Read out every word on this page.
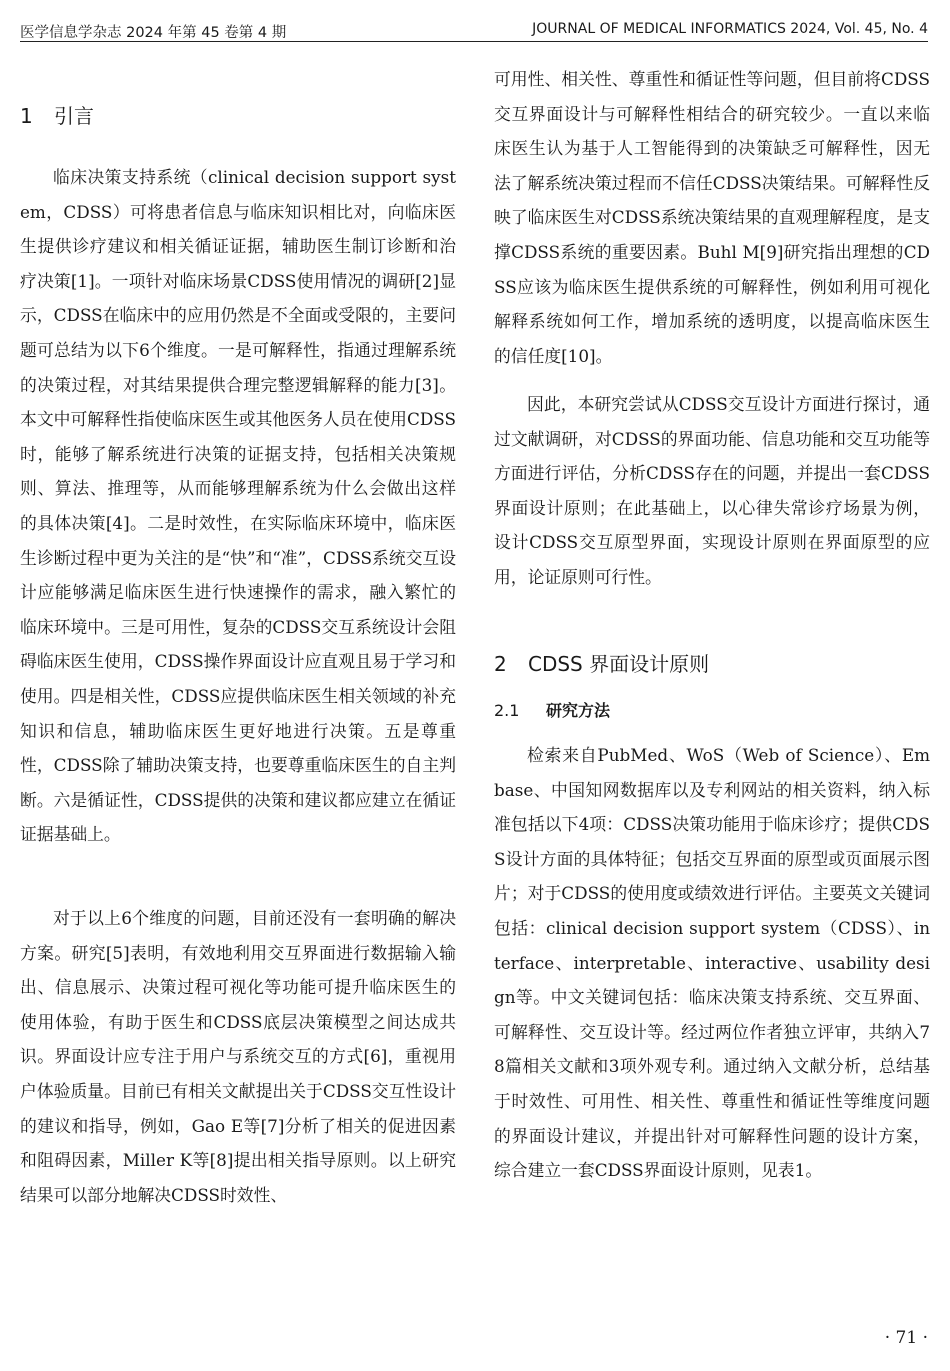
医学信息学杂志 2024 年第 45 卷第 4 期	JOURNAL OF MEDICAL INFORMATICS 2024, Vol. 45, No. 4
1 引言

临床决策支持系统（clinical decision support system，CDSS）可将患者信息与临床知识相比对，向临床医生提供诊疗建议和相关循证证据，辅助医生制订诊断和治疗决策[1]。一项针对临床场景CDSS使用情况的调研[2]显示，CDSS在临床中的应用仍然是不全面或受限的，主要问题可总结为以下6个维度。一是可解释性，指通过理解系统的决策过程，对其结果提供合理完整逻辑解释的能力[3]。本文中可解释性指使临床医生或其他医务人员在使用CDSS时，能够了解系统进行决策的证据支持，包括相关决策规则、算法、推理等，从而能够理解系统为什么会做出这样的具体决策[4]。二是时效性，在实际临床环境中，临床医生诊断过程中更为关注的是“快”和“准”，CDSS系统交互设计应能够满足临床医生进行快速操作的需求，融入繁忙的临床环境中。三是可用性，复杂的CDSS交互系统设计会阻碍临床医生使用，CDSS操作界面设计应直观且易于学习和使用。四是相关性，CDSS应提供临床医生相关领域的补充知识和信息，辅助临床医生更好地进行决策。五是尊重性，CDSS除了辅助决策支持，也要尊重临床医生的自主判断。六是循证性，CDSS提供的决策和建议都应建立在循证证据基础上。

对于以上6个维度的问题，目前还没有一套明确的解决方案。研究[5]表明，有效地利用交互界面进行数据输入输出、信息展示、决策过程可视化等功能可提升临床医生的使用体验，有助于医生和CDSS底层决策模型之间达成共识。界面设计应专注于用户与系统交互的方式[6]，重视用户体验质量。目前已有相关文献提出关于CDSS交互性设计的建议和指导，例如，Gao E等[7]分析了相关的促进因素和阻碍因素，Miller K等[8]提出相关指导原则。以上研究结果可以部分地解决CDSS时效性、

可用性、相关性、尊重性和循证性等问题，但目前将CDSS交互界面设计与可解释性相结合的研究较少。一直以来临床医生认为基于人工智能得到的决策缺乏可解释性，因无法了解系统决策过程而不信任CDSS决策结果。可解释性反映了临床医生对CDSS系统决策结果的直观理解程度，是支撑CDSS系统的重要因素。Buhl M[9]研究指出理想的CDSS应该为临床医生提供系统的可解释性，例如利用可视化解释系统如何工作，增加系统的透明度，以提高临床医生的信任度[10]。

因此，本研究尝试从CDSS交互设计方面进行探讨，通过文献调研，对CDSS的界面功能、信息功能和交互功能等方面进行评估，分析CDSS存在的问题，并提出一套CDSS界面设计原则；在此基础上，以心律失常诊疗场景为例，设计CDSS交互原型界面，实现设计原则在界面原型的应用，论证原则可行性。

2 CDSS 界面设计原则
2.1 研究方法

检索来自PubMed、WoS（Web of Science）、Embase、中国知网数据库以及专利网站的相关资料，纳入标准包括以下4项：CDSS决策功能用于临床诊疗；提供CDSS设计方面的具体特征；包括交互界面的原型或页面展示图片；对于CDSS的使用度或绩效进行评估。主要英文关键词包括：clinical decision support system（CDSS）、interface、interpretable、interactive、usability design等。中文关键词包括：临床决策支持系统、交互界面、可解释性、交互设计等。经过两位作者独立评审，共纳入78篇相关文献和3项外观专利。通过纳入文献分析，总结基于时效性、可用性、相关性、尊重性和循证性等维度问题的界面设计建议，并提出针对可解释性问题的设计方案，综合建立一套CDSS界面设计原则，见表1。

· 71 ·
